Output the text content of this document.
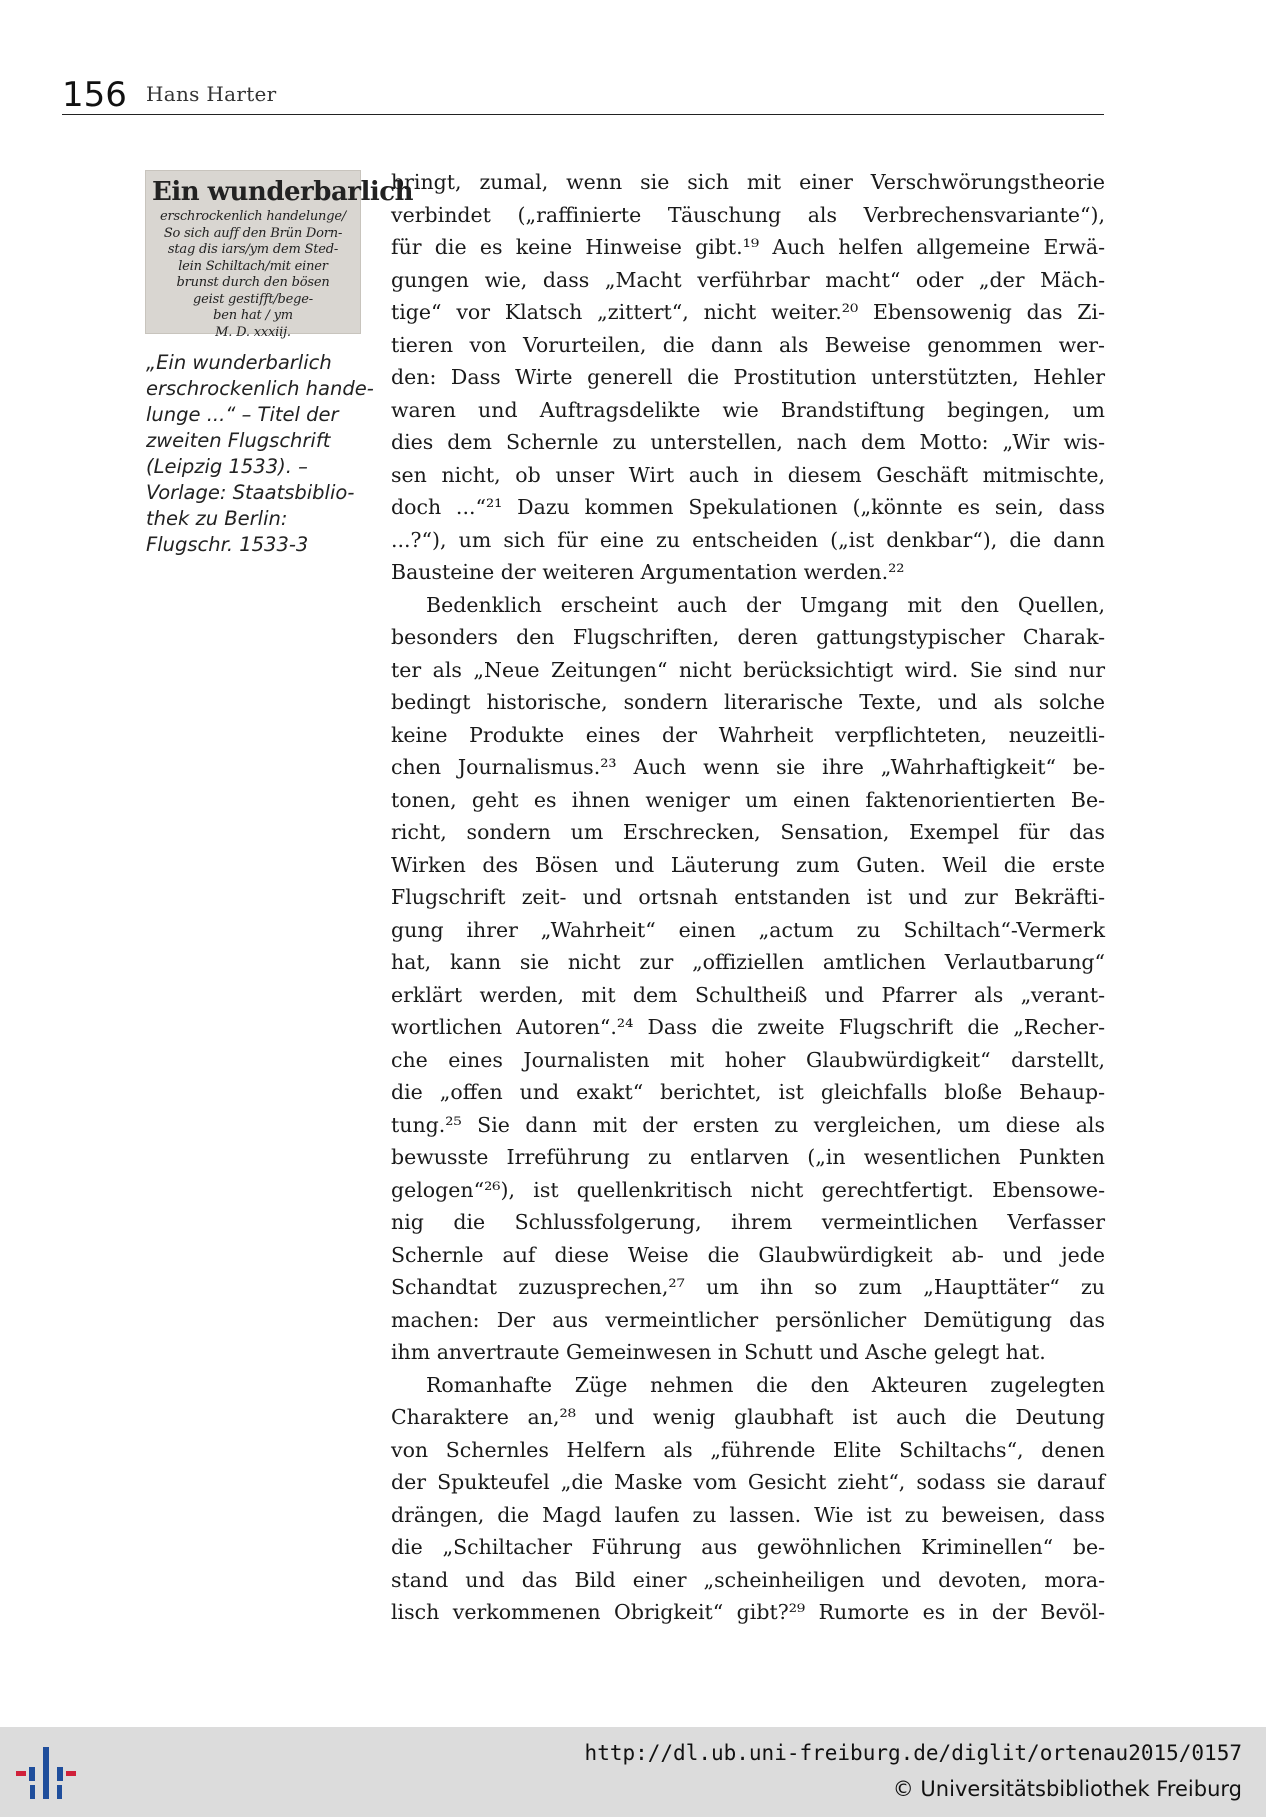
156 Hans Harter
Ein wunderbarlich
erschrockenlich handelunge/
So sich auff den Brün Dorn-
stag dis iars/ym dem Sted-
lein Schiltach/mit einer
brunst durch den bösen
geist gestifft/bege-
ben hat / ym
M. D. xxxiij.
„Ein wunderbarlich
erschrockenlich hande-
lunge ...“ – Titel der
zweiten Flugschrift
(Leipzig 1533). –
Vorlage: Staatsbiblio-
thek zu Berlin:
Flugschr. 1533-3

bringt, zumal, wenn sie sich mit einer Verschwörungstheorie
verbindet („raffinierte Täuschung als Verbrechensvariante“),
für die es keine Hinweise gibt.¹⁹ Auch helfen allgemeine Erwä-
gungen wie, dass „Macht verführbar macht“ oder „der Mäch-
tige“ vor Klatsch „zittert“, nicht weiter.²⁰ Ebensowenig das Zi-
tieren von Vorurteilen, die dann als Beweise genommen wer-
den: Dass Wirte generell die Prostitution unterstützten, Hehler
waren und Auftragsdelikte wie Brandstiftung begingen, um
dies dem Schernle zu unterstellen, nach dem Motto: „Wir wis-
sen nicht, ob unser Wirt auch in diesem Geschäft mitmischte,
doch ...“²¹ Dazu kommen Spekulationen („könnte es sein, dass
...?“), um sich für eine zu entscheiden („ist denkbar“), die dann
Bausteine der weiteren Argumentation werden.²²

Bedenklich erscheint auch der Umgang mit den Quellen,
besonders den Flugschriften, deren gattungstypischer Charak-
ter als „Neue Zeitungen“ nicht berücksichtigt wird. Sie sind nur
bedingt historische, sondern literarische Texte, und als solche
keine Produkte eines der Wahrheit verpflichteten, neuzeitli-
chen Journalismus.²³ Auch wenn sie ihre „Wahrhaftigkeit“ be-
tonen, geht es ihnen weniger um einen faktenorientierten Be-
richt, sondern um Erschrecken, Sensation, Exempel für das
Wirken des Bösen und Läuterung zum Guten. Weil die erste
Flugschrift zeit- und ortsnah entstanden ist und zur Bekräfti-
gung ihrer „Wahrheit“ einen „actum zu Schiltach“-Vermerk
hat, kann sie nicht zur „offiziellen amtlichen Verlautbarung“
erklärt werden, mit dem Schultheiß und Pfarrer als „verant-
wortlichen Autoren“.²⁴ Dass die zweite Flugschrift die „Recher-
che eines Journalisten mit hoher Glaubwürdigkeit“ darstellt,
die „offen und exakt“ berichtet, ist gleichfalls bloße Behaup-
tung.²⁵ Sie dann mit der ersten zu vergleichen, um diese als
bewusste Irreführung zu entlarven („in wesentlichen Punkten
gelogen“²⁶), ist quellenkritisch nicht gerechtfertigt. Ebensowe-
nig die Schlussfolgerung, ihrem vermeintlichen Verfasser
Schernle auf diese Weise die Glaubwürdigkeit ab- und jede
Schandtat zuzusprechen,²⁷ um ihn so zum „Haupttäter“ zu
machen: Der aus vermeintlicher persönlicher Demütigung das
ihm anvertraute Gemeinwesen in Schutt und Asche gelegt hat.

Romanhafte Züge nehmen die den Akteuren zugelegten
Charaktere an,²⁸ und wenig glaubhaft ist auch die Deutung
von Schernles Helfern als „führende Elite Schiltachs“, denen
der Spukteufel „die Maske vom Gesicht zieht“, sodass sie darauf
drängen, die Magd laufen zu lassen. Wie ist zu beweisen, dass
die „Schiltacher Führung aus gewöhnlichen Kriminellen“ be-
stand und das Bild einer „scheinheiligen und devoten, mora-
lisch verkommenen Obrigkeit“ gibt?²⁹ Rumorte es in der Bevöl-

http://dl.ub.uni-freiburg.de/diglit/ortenau2015/0157
© Universitätsbibliothek Freiburg
